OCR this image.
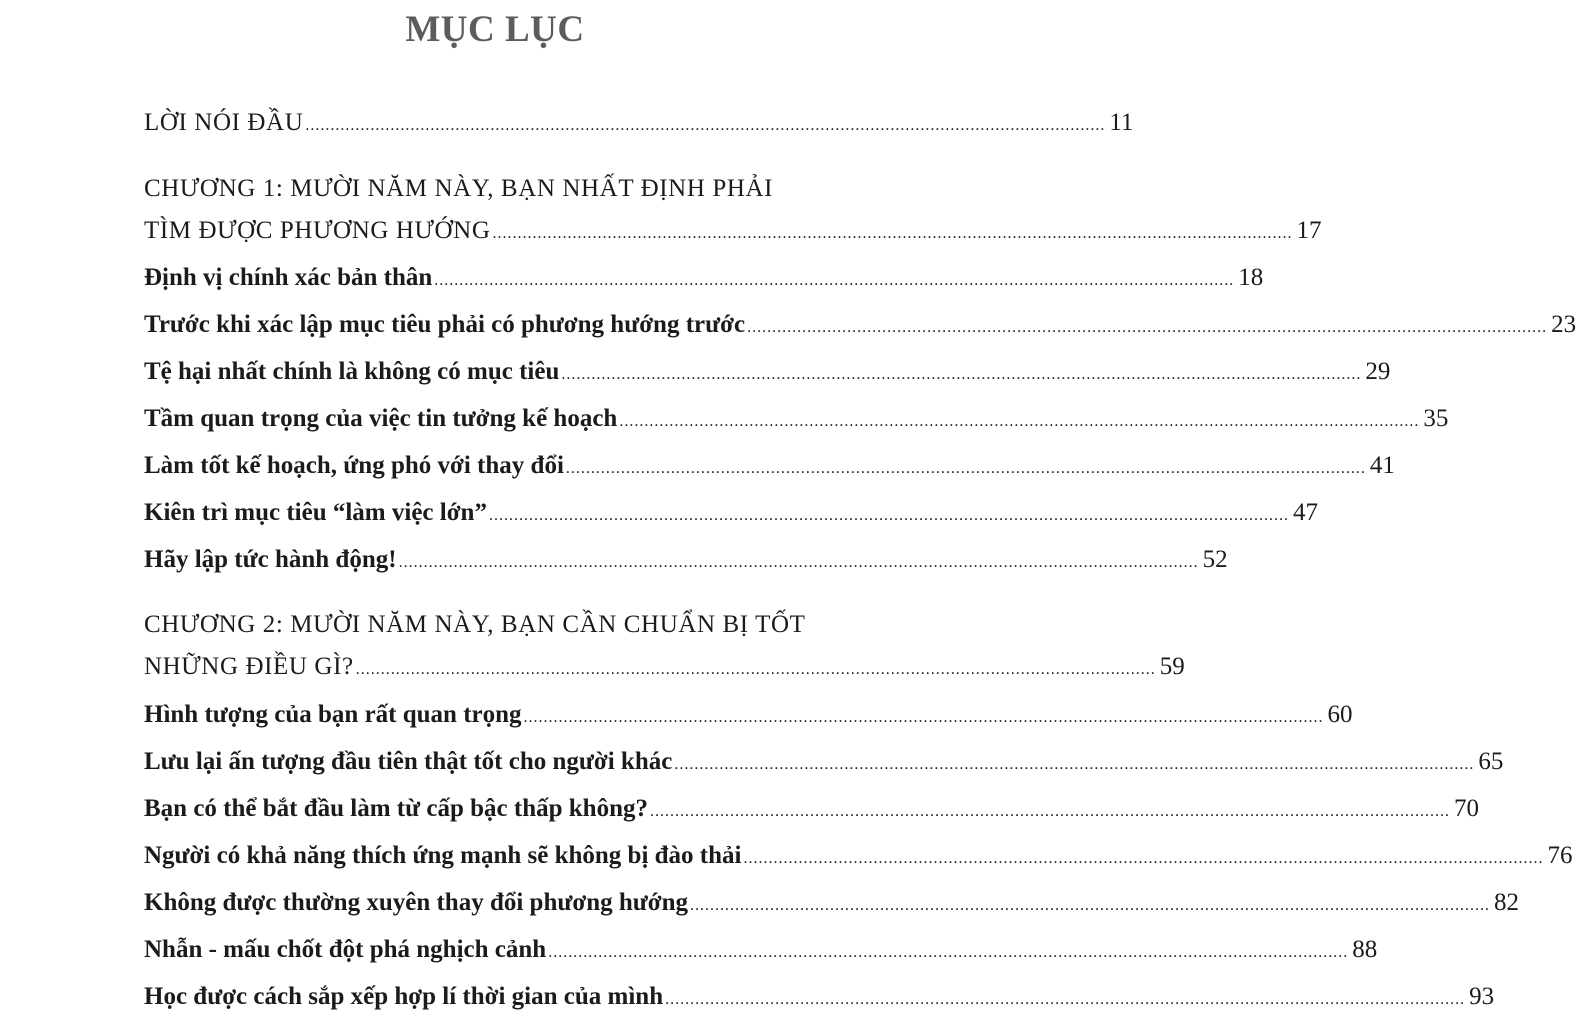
MỤC LỤC
LỜI NÓI ĐẦU ................................................................................................................................................................ 11
CHƯƠNG 1: MƯỜI NĂM NÀY, BẠN NHẤT ĐỊNH PHẢI
TÌM ĐƯỢC PHƯƠNG HƯỚNG ................................................................................................................................................................ 17
Định vị chính xác bản thân ................................................................................................................................................................ 18
Trước khi xác lập mục tiêu phải có phương hướng trước ................................................................................................................................................................ 23
Tệ hại nhất chính là không có mục tiêu ................................................................................................................................................................ 29
Tầm quan trọng của việc tin tưởng kế hoạch ................................................................................................................................................................ 35
Làm tốt kế hoạch, ứng phó với thay đổi ................................................................................................................................................................ 41
Kiên trì mục tiêu “làm việc lớn” ................................................................................................................................................................ 47
Hãy lập tức hành động! ................................................................................................................................................................ 52
CHƯƠNG 2: MƯỜI NĂM NÀY, BẠN CẦN CHUẨN BỊ TỐT
NHỮNG ĐIỀU GÌ? ................................................................................................................................................................ 59
Hình tượng của bạn rất quan trọng ................................................................................................................................................................ 60
Lưu lại ấn tượng đầu tiên thật tốt cho người khác ................................................................................................................................................................ 65
Bạn có thể bắt đầu làm từ cấp bậc thấp không? ................................................................................................................................................................ 70
Người có khả năng thích ứng mạnh sẽ không bị đào thải ................................................................................................................................................................ 76
Không được thường xuyên thay đổi phương hướng ................................................................................................................................................................ 82
Nhẫn - mấu chốt đột phá nghịch cảnh ................................................................................................................................................................ 88
Học được cách sắp xếp hợp lí thời gian của mình ................................................................................................................................................................ 93
